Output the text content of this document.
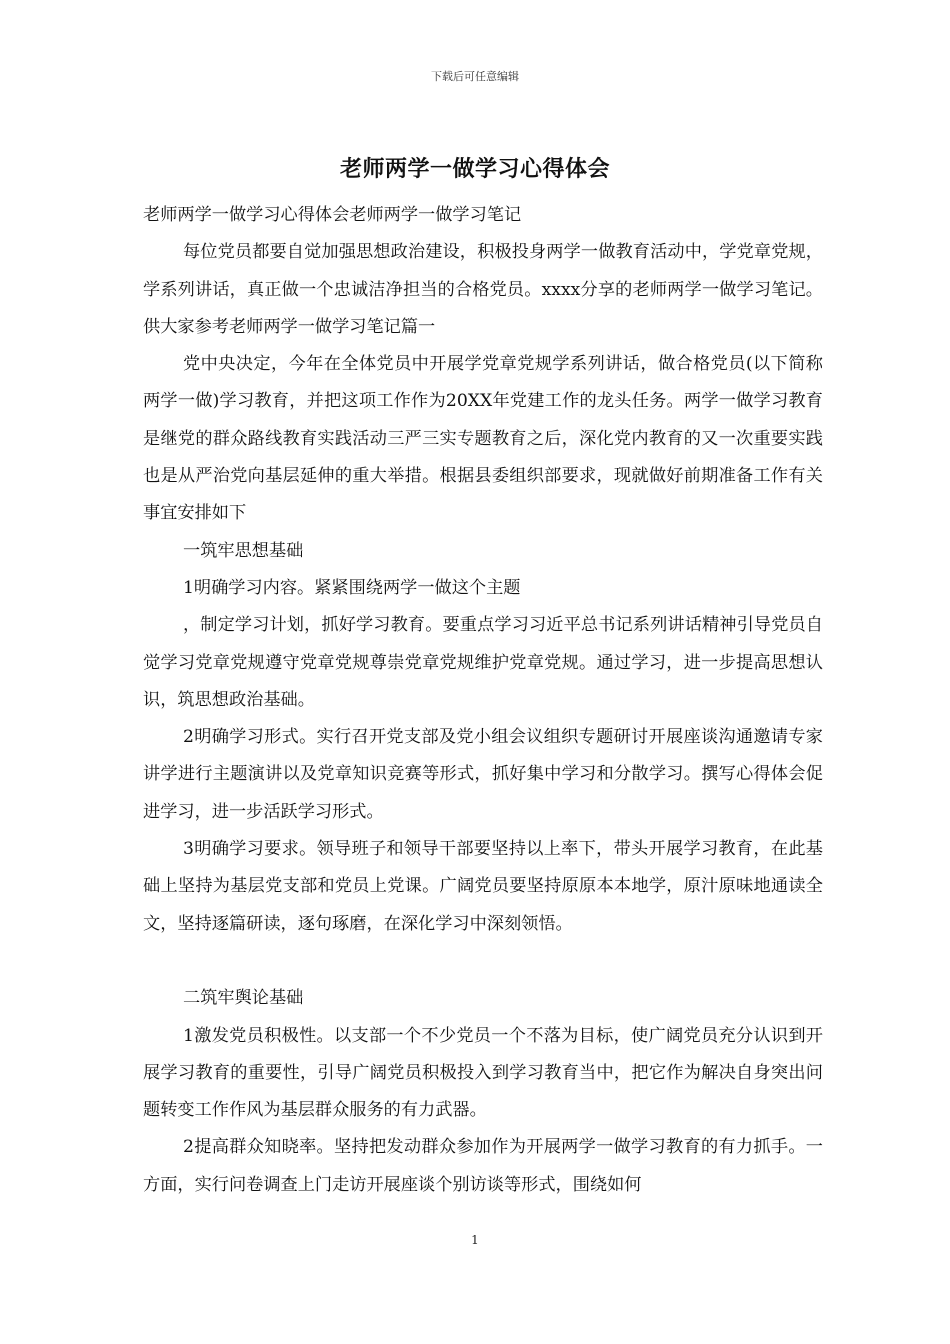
下载后可任意编辑
老师两学一做学习心得体会

老师两学一做学习心得体会老师两学一做学习笔记

每位党员都要自觉加强思想政治建设，积极投身两学一做教育活动中，学党章党规，学系列讲话，真正做一个忠诚洁净担当的合格党员。xxxx分享的老师两学一做学习笔记。供大家参考老师两学一做学习笔记篇一

党中央决定，今年在全体党员中开展学党章党规学系列讲话，做合格党员(以下简称两学一做)学习教育，并把这项工作作为20XX年党建工作的龙头任务。两学一做学习教育是继党的群众路线教育实践活动三严三实专题教育之后，深化党内教育的又一次重要实践也是从严治党向基层延伸的重大举措。根据县委组织部要求，现就做好前期准备工作有关事宜安排如下

一筑牢思想基础

1明确学习内容。紧紧围绕两学一做这个主题

，制定学习计划，抓好学习教育。要重点学习习近平总书记系列讲话精神引导党员自觉学习党章党规遵守党章党规尊崇党章党规维护党章党规。通过学习，进一步提高思想认识，筑思想政治基础。

2明确学习形式。实行召开党支部及党小组会议组织专题研讨开展座谈沟通邀请专家讲学进行主题演讲以及党章知识竞赛等形式，抓好集中学习和分散学习。撰写心得体会促进学习，进一步活跃学习形式。

3明确学习要求。领导班子和领导干部要坚持以上率下，带头开展学习教育，在此基础上坚持为基层党支部和党员上党课。广阔党员要坚持原原本本地学，原汁原味地通读全文，坚持逐篇研读，逐句琢磨，在深化学习中深刻领悟。

二筑牢舆论基础

1激发党员积极性。以支部一个不少党员一个不落为目标，使广阔党员充分认识到开展学习教育的重要性，引导广阔党员积极投入到学习教育当中，把它作为解决自身突出问题转变工作作风为基层群众服务的有力武器。

2提高群众知晓率。坚持把发动群众参加作为开展两学一做学习教育的有力抓手。一方面，实行问卷调查上门走访开展座谈个别访谈等形式，围绕如何

1
